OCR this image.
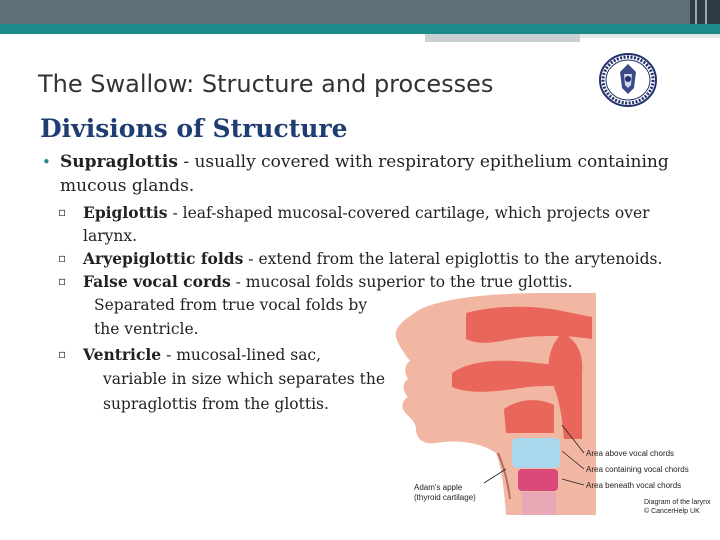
The Swallow: Structure and processes
Divisions of Structure
• Supraglottis - usually covered with respiratory epithelium containing mucous glands.
▫ Epiglottis - leaf-shaped mucosal-covered cartilage, which projects over larynx.
▫ Aryepiglottic folds - extend from the lateral epiglottis to the arytenoids.
▫ False vocal cords - mucosal folds superior to the true glottis.
Separated from true vocal folds by
the ventricle.
▫ Ventricle - mucosal-lined sac,
variable in size which separates the
supraglottis from the glottis.
Area above vocal chords
Area containing vocal chords
Area beneath vocal chords
Adam's apple
(thyroid cartilage)
Diagram of the larynx
© CancerHelp UK
